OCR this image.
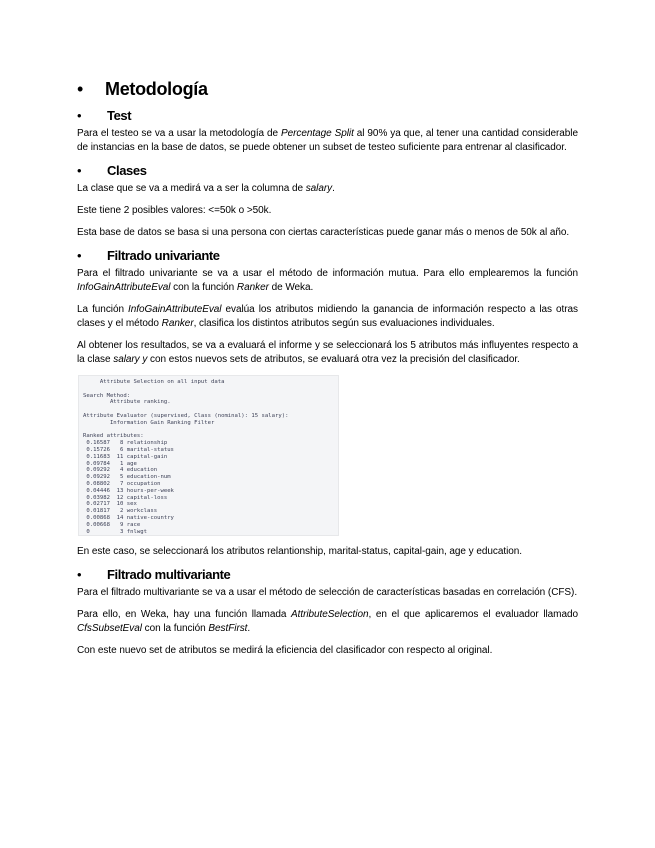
•	Metodología
•	Test

Para el testeo se va a usar la metodología de Percentage Split al 90% ya que, al tener una cantidad considerable de instancias en la base de datos, se puede obtener un subset de testeo suficiente para entrenar al clasificador.

•	Clases

La clase que se va a medirá va a ser la columna de salary.

Este tiene 2 posibles valores: <=50k o >50k.

Esta base de datos se basa si una persona con ciertas características puede ganar más o menos de 50k al año.

•	Filtrado univariante

Para el filtrado univariante se va a usar el método de información mutua. Para ello emplearemos la función InfoGainAttributeEval con la función Ranker de Weka.

La función InfoGainAttributeEval evalúa los atributos midiendo la ganancia de información respecto a las otras clases y el método Ranker, clasifica los distintos atributos según sus evaluaciones individuales.

Al obtener los resultados, se va a evaluará el informe y se seleccionará los 5 atributos más influyentes respecto a la clase salary y con estos nuevos sets de atributos, se evaluará otra vez la precisión del clasificador.

Attribute Selection on all input data
Search Method:
Attribute ranking.
Attribute Evaluator (supervised, Class (nominal): 15 salary):
Information Gain Ranking Filter
Ranked attributes:
0.16587   8 relationship
0.15726   6 marital-status
0.11683  11 capital-gain
0.09784   1 age
0.09292   4 education
0.09292   5 education-num
0.08802   7 occupation
0.04446  13 hours-per-week
0.03982  12 capital-loss
0.02717  10 sex
0.01817   2 workclass
0.00868  14 native-country
0.00668   9 race
0         3 fnlwgt

En este caso, se seleccionará los atributos relantionship, marital-status, capital-gain, age y education.

•	Filtrado multivariante

Para el filtrado multivariante se va a usar el método de selección de características basadas en correlación (CFS).

Para ello, en Weka, hay una función llamada AttributeSelection, en el que aplicaremos el evaluador llamado CfsSubsetEval con la función BestFirst.

Con este nuevo set de atributos se medirá la eficiencia del clasificador con respecto al original.
